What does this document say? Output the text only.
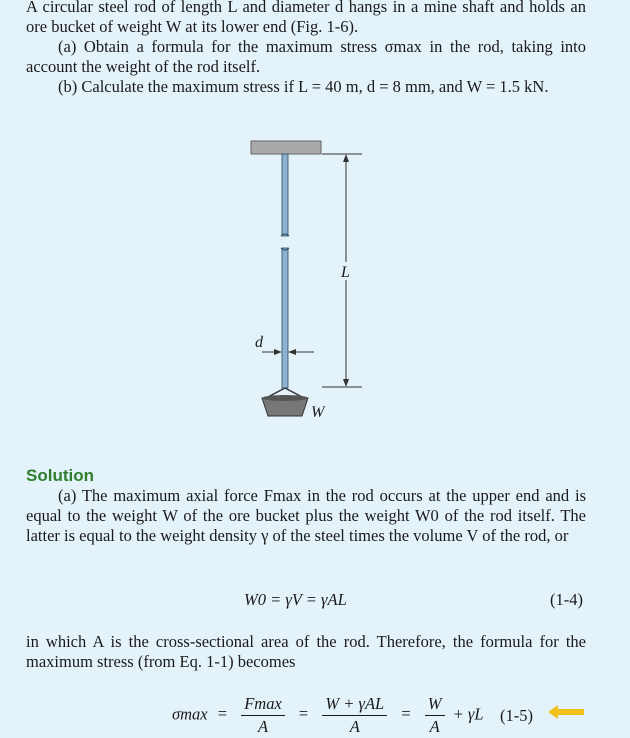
A circular steel rod of length L and diameter d hangs in a mine shaft and holds an ore bucket of weight W at its lower end (Fig. 1-6).

(a) Obtain a formula for the maximum stress σmax in the rod, taking into account the weight of the rod itself.

(b) Calculate the maximum stress if L = 40 m, d = 8 mm, and W = 1.5 kN.

L
d
W
Solution

(a) The maximum axial force Fmax in the rod occurs at the upper end and is equal to the weight W of the ore bucket plus the weight W0 of the rod itself. The latter is equal to the weight density γ of the steel times the volume V of the rod, or

W0 = γV = γAL	(1-4)

in which A is the cross-sectional area of the rod. Therefore, the formula for the maximum stress (from Eq. 1-1) becomes

$\sigma\max = \frac{Fmax}{A} = \frac{\text{W + γAL}}{A} = \frac{W}{A} + \gamma L$ (1-5)
